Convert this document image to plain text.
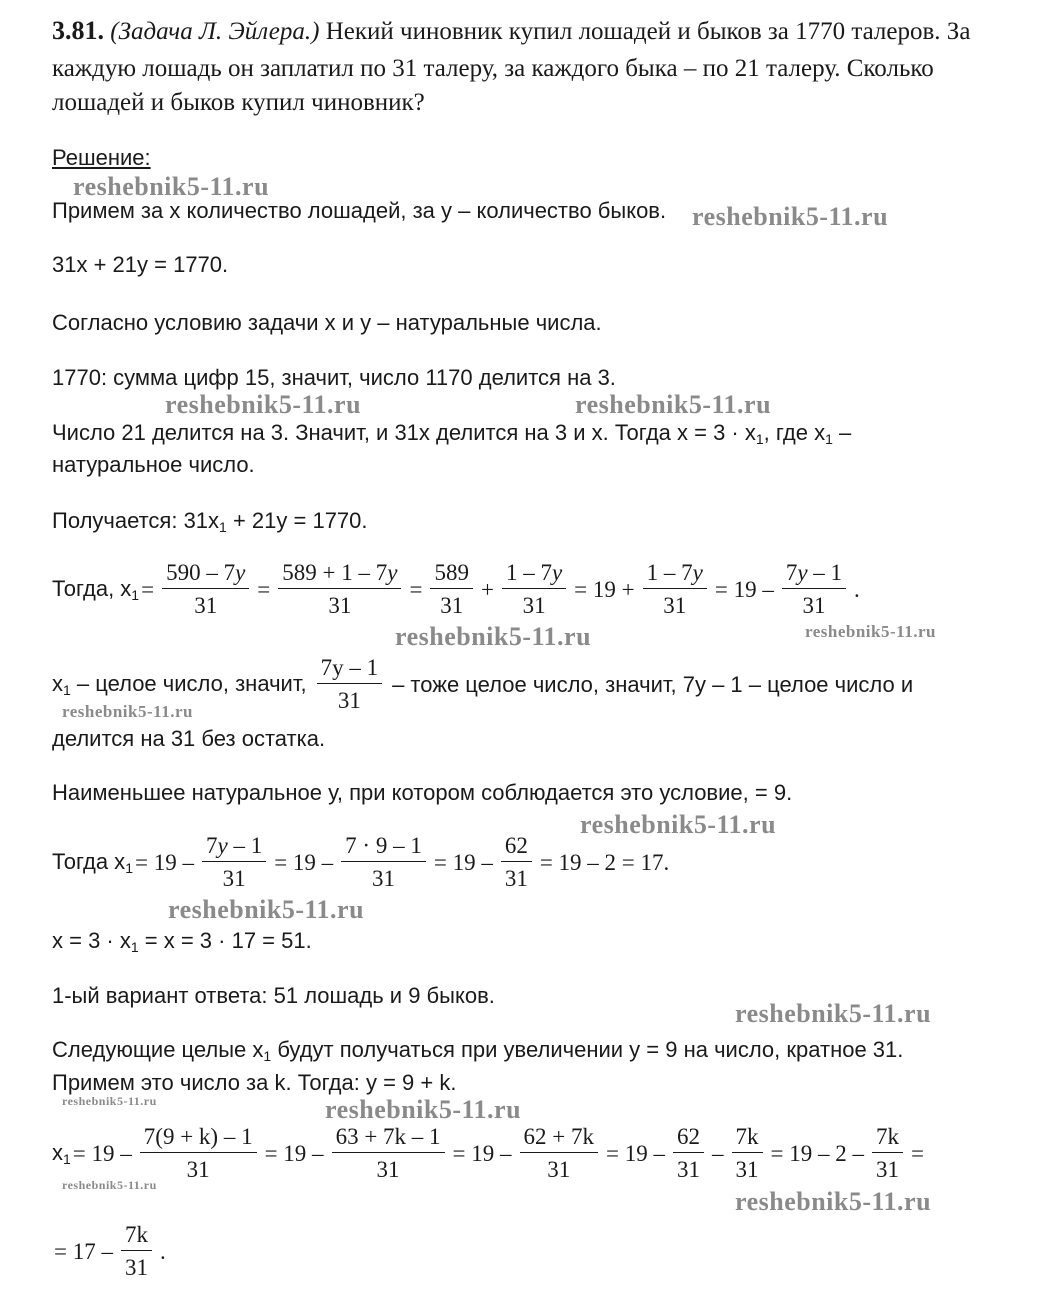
3.81. (Задача Л. Эйлера.) Некий чиновник купил лошадей и быков за 1770 талеров. За
каждую лошадь он заплатил по 31 талеру, за каждого быка – по 21 талеру. Сколько
лошадей и быков купил чиновник?
Решение:
Примем за х количество лошадей, за у – количество быков.
31х + 21у = 1770.
Согласно условию задачи х и у – натуральные числа.
1770: сумма цифр 15, значит, число 1170 делится на 3.
Число 21 делится на 3. Значит, и 31х делится на 3 и х. Тогда $х = 3 \cdot х_1$, где $х_1$ –
натуральное число.
Получается: $31х_1 + 21у = 1770$.
Тогда, $х_1 = \frac{590 - 7y}{31} = \frac{589 + 1 - 7y}{31} = \frac{589}{31} + \frac{1 - 7y}{31} = 19 + \frac{1 - 7y}{31} = 19 - \frac{7y - 1}{31}$ .
$х_1$ – целое число, значит, $\frac{7у - 1}{31}$ – тоже целое число, значит, 7у – 1 – целое число и
делится на 31 без остатка.
Наименьшее натуральное у, при котором соблюдается это условие, = 9.
Тогда $х_1 = 19 - \frac{7y - 1}{31} = 19 - \frac{7 \cdot 9 - 1}{31} = 19 - \frac{62}{31} = 19 - 2 = 17$.
$х = 3 \cdot х_1 = х = 3 \cdot 17 = 51$.
1-ый вариант ответа: 51 лошадь и 9 быков.
Следующие целые $х_1$ будут получаться при увеличении у = 9 на число, кратное 31.
Примем это число за k. Тогда: у = 9 + k.
$х_1 = 19 - \frac{7(9 + k) - 1}{31} = 19 - \frac{63 + 7k - 1}{31} = 19 - \frac{62 + 7k}{31} = 19 - \frac{62}{31} - \frac{7k}{31} = 19 - 2 - \frac{7k}{31}$ =
= $17 - \frac{7k}{31}$ .
reshebnik5-11.ru
reshebnik5-11.ru
reshebnik5-11.ru	reshebnik5-11.ru
reshebnik5-11.ru	reshebnik5-11.ru
reshebnik5-11.ru
reshebnik5-11.ru
reshebnik5-11.ru
reshebnik5-11.ru
reshebnik5-11.ru	reshebnik5-11.ru
reshebnik5-11.ru
reshebnik5-11.ru
